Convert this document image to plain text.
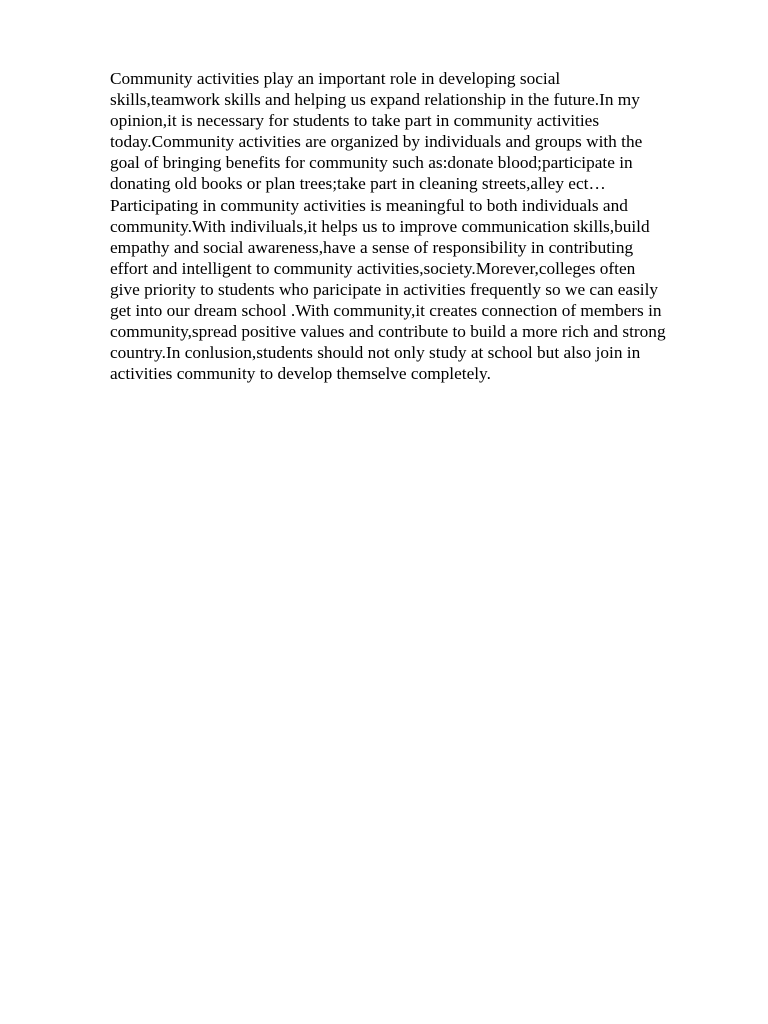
Community activities play an important role in developing social
skills,teamwork skills and helping us expand relationship in the future.In my
opinion,it is necessary for students to take part in community activities
today.Community activities are organized by individuals and groups with the
goal of bringing benefits for community such as:donate blood;participate in
donating old books or plan trees;take part in cleaning streets,alley ect…
Participating in community activities is meaningful to both individuals and
community.With indiviluals,it helps us to improve communication skills,build
empathy and social awareness,have a sense of responsibility in contributing
effort and intelligent to community activities,society.Morever,colleges often
give priority to students who paricipate in activities frequently so we can easily
get into our dream school .With community,it creates connection of members in
community,spread positive values and contribute to build a more rich and strong
country.In conlusion,students should not only study at school but also join in
activities community to develop themselve completely.
